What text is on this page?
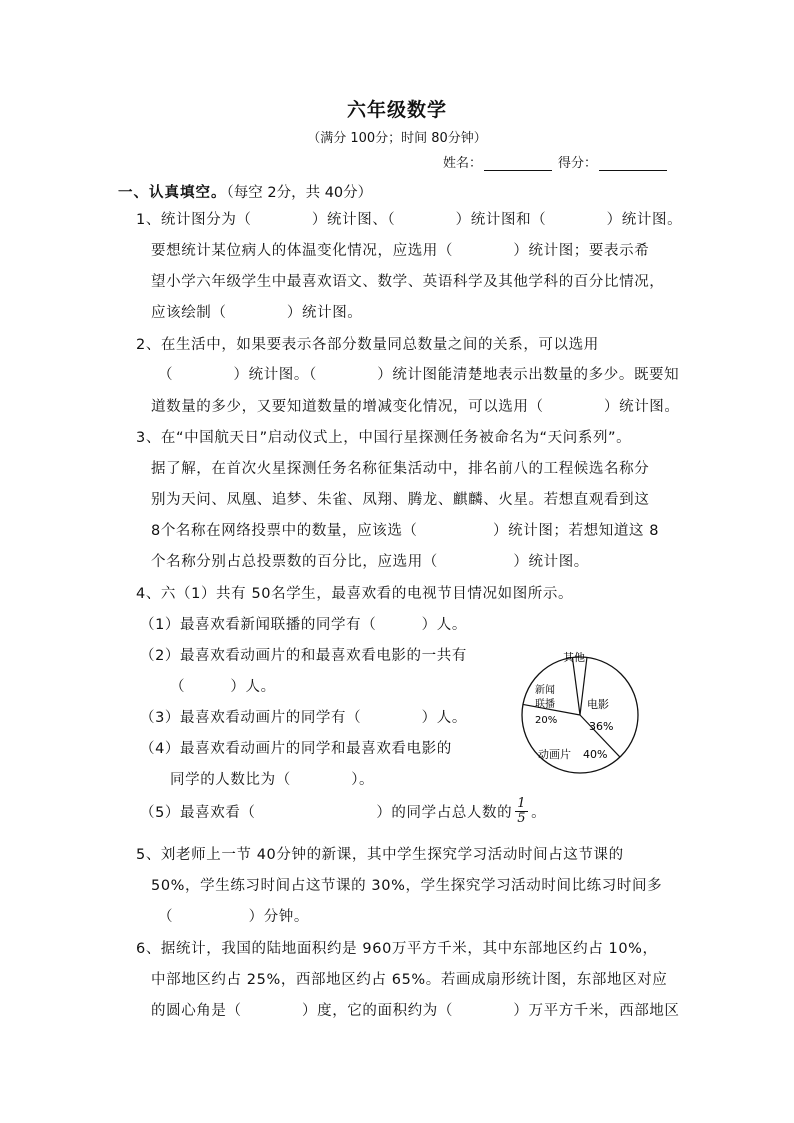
六年级数学
（满分 100分；时间 80分钟）
姓名：	得分：
一、认真填空。（每空 2分，共 40分）
1、统计图分为（　　　　）统计图、（　　　　）统计图和（　　　　）统计图。
要想统计某位病人的体温变化情况，应选用（　　　　）统计图；要表示希
望小学六年级学生中最喜欢语文、数学、英语科学及其他学科的百分比情况，
应该绘制（　　　　）统计图。
2、在生活中，如果要表示各部分数量同总数量之间的关系，可以选用
（　　　　）统计图。（　　　　）统计图能清楚地表示出数量的多少。既要知
道数量的多少，又要知道数量的增减变化情况，可以选用（　　　　）统计图。
3、在“中国航天日”启动仪式上，中国行星探测任务被命名为“天问系列”。
据了解，在首次火星探测任务名称征集活动中，排名前八的工程候选名称分
别为天问、凤凰、追梦、朱雀、凤翔、腾龙、麒麟、火星。若想直观看到这
8个名称在网络投票中的数量，应该选（　　　　　）统计图；若想知道这 8
个名称分别占总投票数的百分比，应选用（　　　　　）统计图。
4、六（1）共有 50名学生，最喜欢看的电视节目情况如图所示。
（1）最喜欢看新闻联播的同学有（　　　）人。
（2）最喜欢看动画片的和最喜欢看电影的一共有
（　　　）人。
（3）最喜欢看动画片的同学有（　　　　）人。
（4）最喜欢看动画片的同学和最喜欢看电影的
同学的人数比为（　　　　）。
（5）最喜欢看（　　　　　　　　）的同学占总人数的 $\frac{1}{5}$ 。
其他
电影
36%
动画片 40%
新闻
联播
20%
5、刘老师上一节 40分钟的新课，其中学生探究学习活动时间占这节课的
50%，学生练习时间占这节课的 30%，学生探究学习活动时间比练习时间多
（　　　　　）分钟。
6、据统计，我国的陆地面积约是 960万平方千米，其中东部地区约占 10%，
中部地区约占 25%，西部地区约占 65%。若画成扇形统计图，东部地区对应
的圆心角是（　　　　）度，它的面积约为（　　　　）万平方千米，西部地区
